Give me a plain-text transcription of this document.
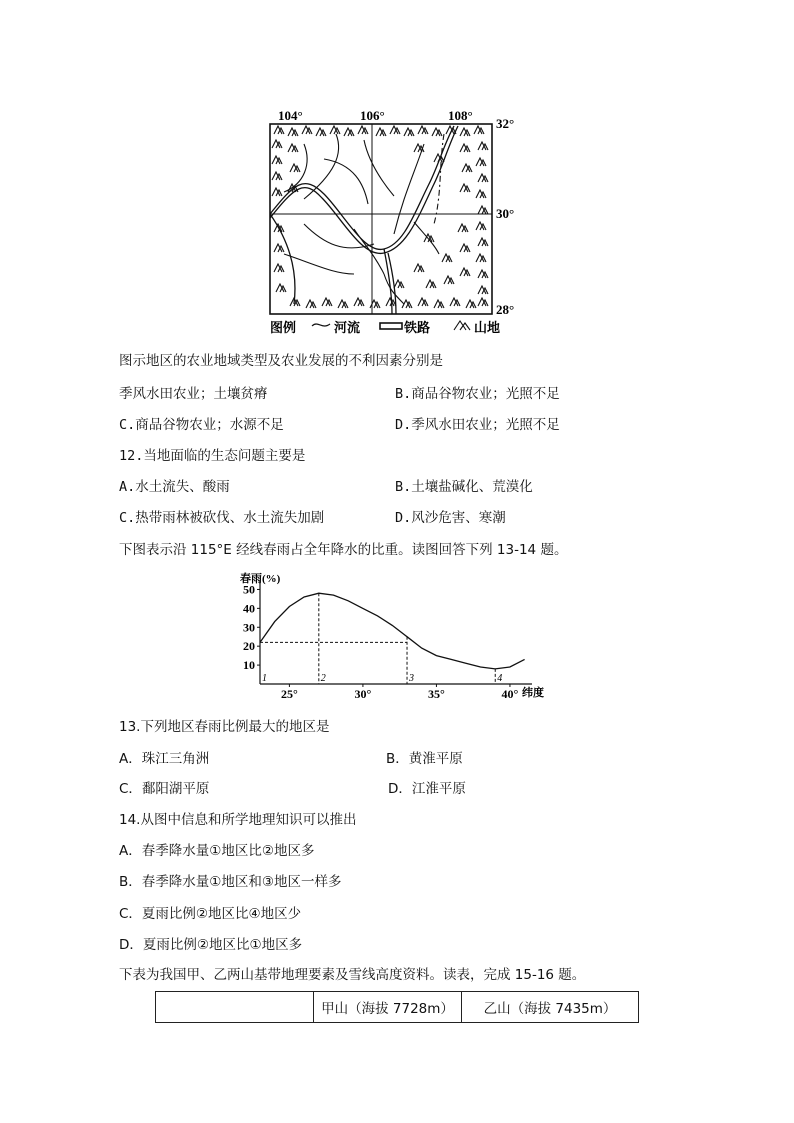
104°	106°	108°
32°
30°
28°
图例	河流	铁路	山地
图示地区的农业地域类型及农业发展的不利因素分别是
季风水田农业；土壤贫瘠	B.商品谷物农业；光照不足
C.商品谷物农业；水源不足	D.季风水田农业；光照不足
12.当地面临的生态问题主要是
A.水土流失、酸雨	B.土壤盐碱化、荒漠化
C.热带雨林被砍伐、水土流失加剧	D.风沙危害、寒潮
下图表示沿 115°E 经线春雨占全年降水的比重。读图回答下列 13-14 题。
春雨(%)
纬度
10
20
30
40
50
25°	30°	35°	40°
1	2	3	4
13.下列地区春雨比例最大的地区是
A．珠江三角洲	B．黄淮平原
C．鄱阳湖平原	D．江淮平原
14.从图中信息和所学地理知识可以推出
A．春季降水量①地区比②地区多
B．春季降水量①地区和③地区一样多
C．夏雨比例②地区比④地区少
D．夏雨比例②地区比①地区多
下表为我国甲、乙两山基带地理要素及雪线高度资料。读表，完成 15-16 题。
甲山（海拔 7728m）	乙山（海拔 7435m）
